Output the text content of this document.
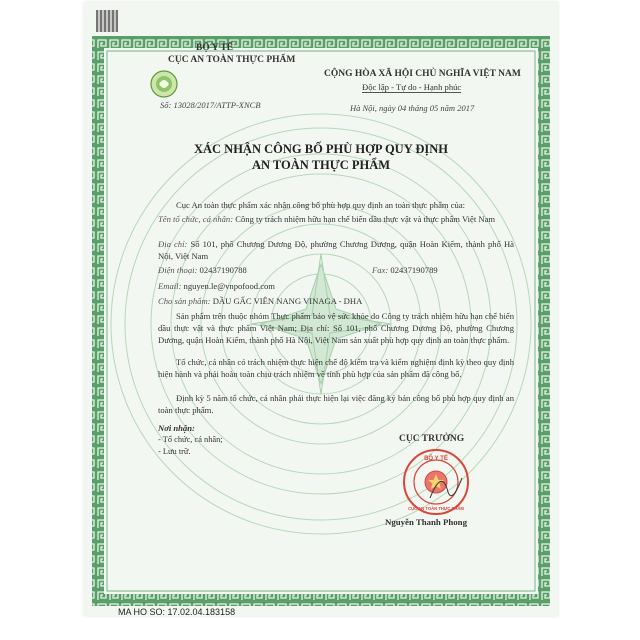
BỘ Y TẾ
CỤC AN TOÀN THỰC PHẨM
Số: 13028/2017/ATTP-XNCB
CỘNG HÒA XÃ HỘI CHỦ NGHĨA VIỆT NAM
Độc lập - Tự do - Hạnh phúc
Hà Nội, ngày 04 tháng 05 năm 2017
XÁC NHẬN CÔNG BỐ PHÙ HỢP QUY ĐỊNH
AN TOÀN THỰC PHẨM
Cục An toàn thực phẩm xác nhận công bố phù hợp quy định an toàn thực phẩm của:
Tên tổ chức, cá nhân: Công ty trách nhiệm hữu hạn chế biến dầu thực vật và thực phẩm Việt Nam
Địa chỉ: Số 101, phố Chương Dương Độ, phường Chương Dương, quận Hoàn Kiếm, thành phố Hà Nội, Việt Nam
Điện thoại: 02437190788	Fax: 02437190789
Email: nguyen.le@vnpofood.com
Cho sản phẩm: DẦU GẤC VIÊN NANG VINAGA - DHA
Sản phẩm trên thuộc nhóm Thực phẩm bảo vệ sức khỏe do Công ty trách nhiệm hữu hạn chế biến dầu thực vật và thực phẩm Việt Nam; Địa chỉ: Số 101, phố Chương Dương Độ, phường Chương Dương, quận Hoàn Kiếm, thành phố Hà Nội, Việt Nam sản xuất phù hợp quy định an toàn thực phẩm.
Tổ chức, cá nhân có trách nhiệm thực hiện chế độ kiểm tra và kiểm nghiệm định kỳ theo quy định hiện hành và phải hoàn toàn chịu trách nhiệm về tính phù hợp của sản phẩm đã công bố.
Định kỳ 5 năm tổ chức, cá nhân phải thực hiện lại việc đăng ký bản công bố phù hợp quy định an toàn thực phẩm.
Nơi nhận:
- Tổ chức, cá nhân;
- Lưu trữ.
CỤC TRƯỞNG
BỘ Y TẾ
CỤC AN TOÀN THỰC PHẨM
Nguyễn Thanh Phong
MA HO SO: 17.02.04.183158
